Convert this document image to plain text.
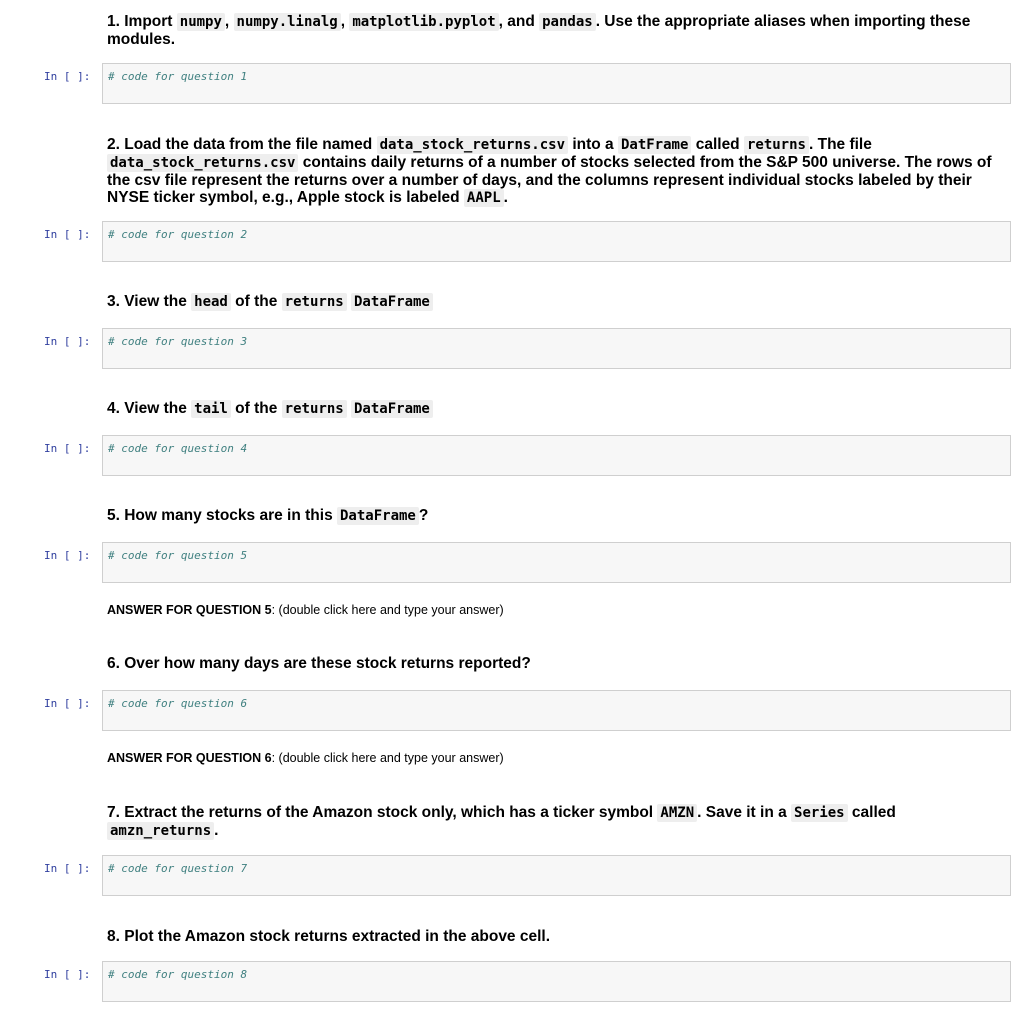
1. Import numpy , numpy.linalg , matplotlib.pyplot , and pandas . Use the appropriate aliases when importing these modules.
In [ ]:	# code for question 1
2. Load the data from the file named data_stock_returns.csv into a DatFrame called returns . The file data_stock_returns.csv contains daily returns of a number of stocks selected from the S&P 500 universe. The rows of the csv file represent the returns over a number of days, and the columns represent individual stocks labeled by their NYSE ticker symbol, e.g., Apple stock is labeled AAPL .
In [ ]:	# code for question 2
3. View the head of the returns DataFrame
In [ ]:	# code for question 3
4. View the tail of the returns DataFrame
In [ ]:	# code for question 4
5. How many stocks are in this DataFrame ?
In [ ]:	# code for question 5
ANSWER FOR QUESTION 5: (double click here and type your answer)
6. Over how many days are these stock returns reported?
In [ ]:	# code for question 6
ANSWER FOR QUESTION 6: (double click here and type your answer)
7. Extract the returns of the Amazon stock only, which has a ticker symbol AMZN . Save it in a Series called amzn_returns .
In [ ]:	# code for question 7
8. Plot the Amazon stock returns extracted in the above cell.
In [ ]:	# code for question 8
